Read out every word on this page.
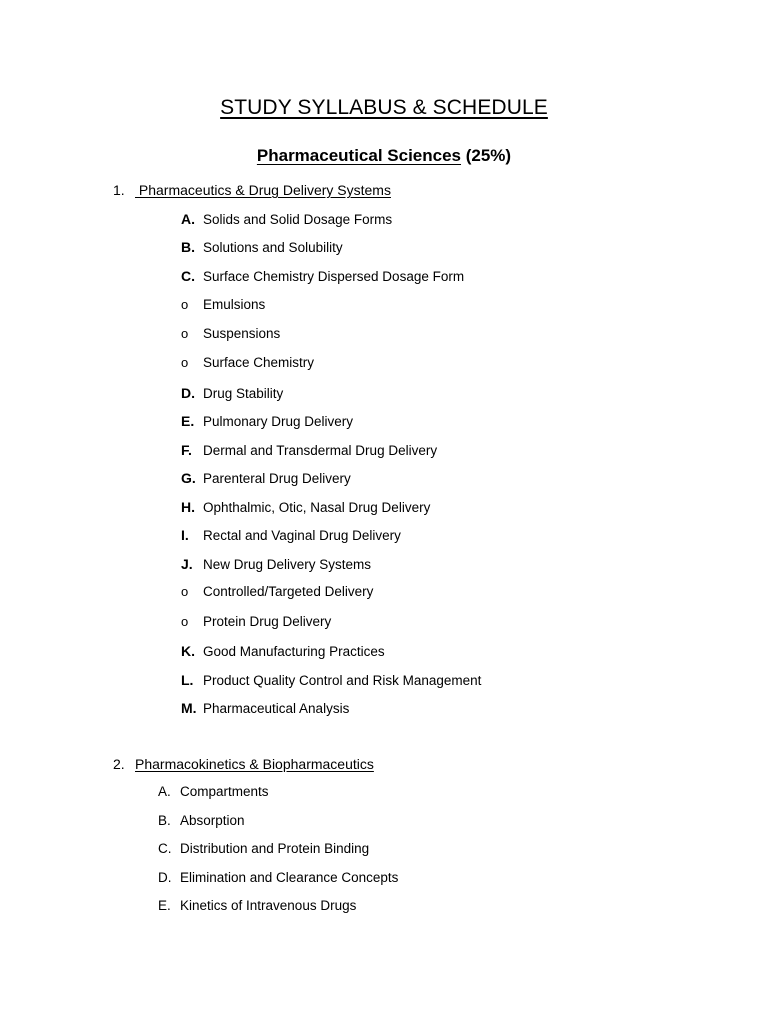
STUDY SYLLABUS & SCHEDULE
Pharmaceutical Sciences (25%)
1. Pharmaceutics & Drug Delivery Systems
A. Solids and Solid Dosage Forms
B. Solutions and Solubility
C. Surface Chemistry Dispersed Dosage Form
o Emulsions
o Suspensions
o Surface Chemistry
D. Drug Stability
E. Pulmonary Drug Delivery
F. Dermal and Transdermal Drug Delivery
G. Parenteral Drug Delivery
H. Ophthalmic, Otic, Nasal Drug Delivery
I. Rectal and Vaginal Drug Delivery
J. New Drug Delivery Systems
o Controlled/Targeted Delivery
o Protein Drug Delivery
K. Good Manufacturing Practices
L. Product Quality Control and Risk Management
M. Pharmaceutical Analysis
2. Pharmacokinetics & Biopharmaceutics
A. Compartments
B. Absorption
C. Distribution and Protein Binding
D. Elimination and Clearance Concepts
E. Kinetics of Intravenous Drugs
